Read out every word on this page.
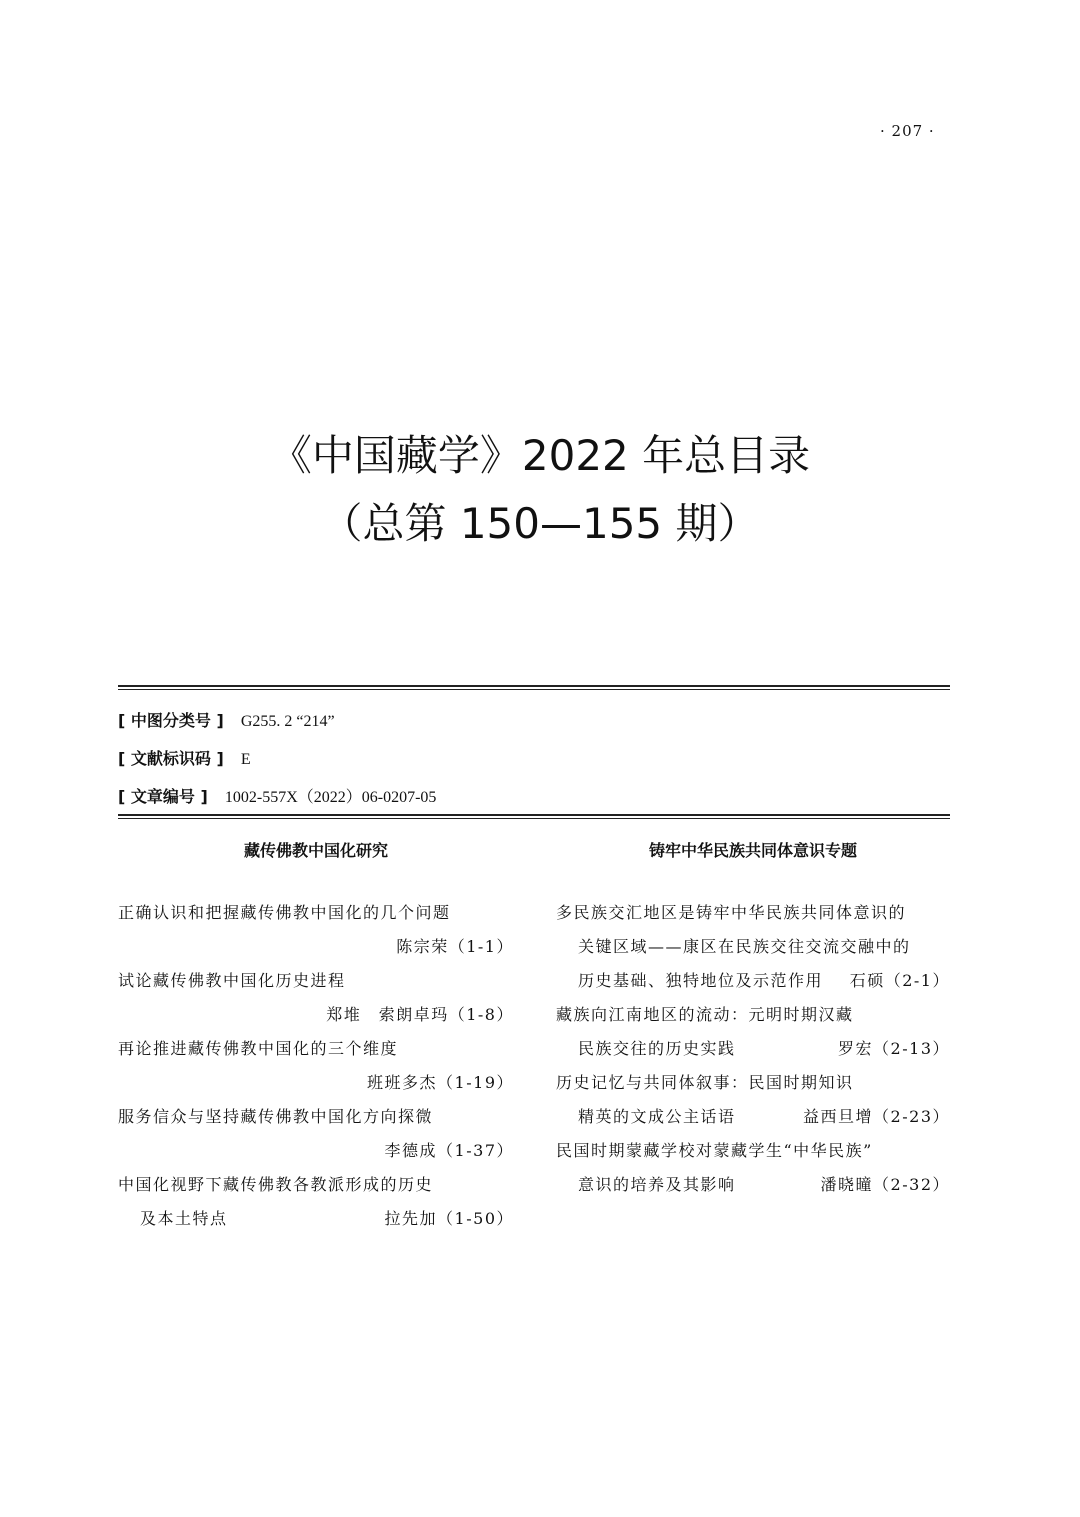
· 207 ·
《中国藏学》2022 年总目录
（总第 150—155 期）
[ 中图分类号 ] G255. 2 “214”
[ 文献标识码 ] E
[ 文章编号 ] 1002-557X（2022）06-0207-05
藏传佛教中国化研究
正确认识和把握藏传佛教中国化的几个问题
陈宗荣（1-1）
试论藏传佛教中国化历史进程
郑堆　索朗卓玛（1-8）
再论推进藏传佛教中国化的三个维度
班班多杰（1-19）
服务信众与坚持藏传佛教中国化方向探微
李德成（1-37）
中国化视野下藏传佛教各教派形成的历史
及本土特点	拉先加（1-50）
铸牢中华民族共同体意识专题
多民族交汇地区是铸牢中华民族共同体意识的
关键区域——康区在民族交往交流交融中的
历史基础、独特地位及示范作用 石硕（2-1）
藏族向江南地区的流动：元明时期汉藏
民族交往的历史实践	罗宏（2-13）
历史记忆与共同体叙事：民国时期知识
精英的文成公主话语	益西旦增（2-23）
民国时期蒙藏学校对蒙藏学生“中华民族”
意识的培养及其影响	潘晓曈（2-32）
